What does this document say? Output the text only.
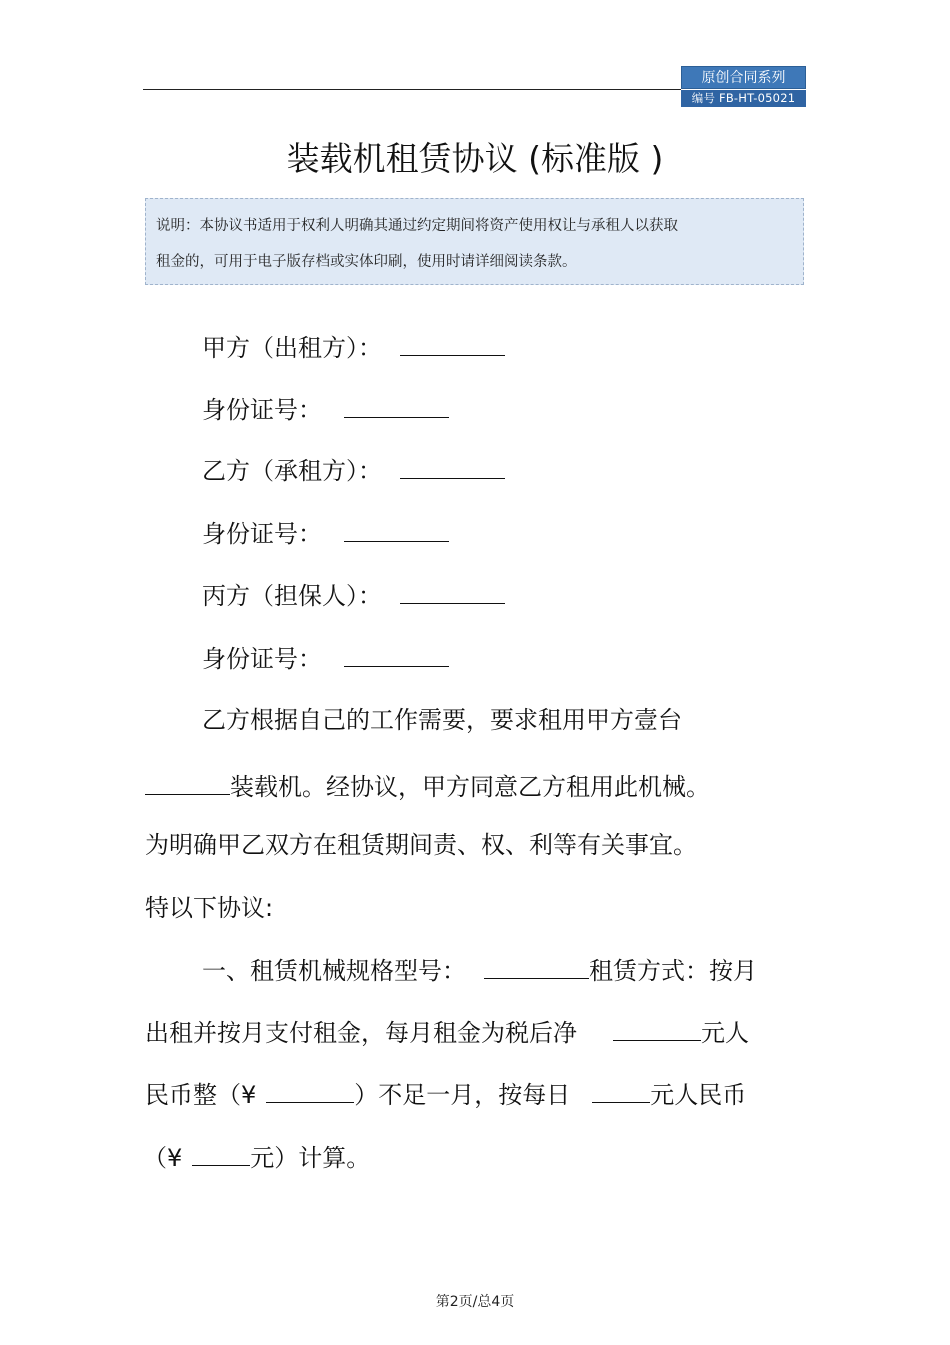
原创合同系列
编号 FB-HT-05021
装载机租赁协议 (标准版 )
说明：本协议书适用于权利人明确其通过约定期间将资产使用权让与承租人以获取
租金的，可用于电子版存档或实体印刷，使用时请详细阅读条款。
甲方（出租方）：
身份证号：
乙方（承租方）：
身份证号：
丙方（担保人）：
身份证号：
乙方根据自己的工作需要，要求租用甲方壹台
装载机。经协议，甲方同意乙方租用此机械。
为明确甲乙双方在租赁期间责、权、利等有关事宜。
特以下协议:
一、租赁机械规格型号：	租赁方式：按月
出租并按月支付租金，每月租金为税后净	元人
民币整（¥	）不足一月，按每日	元人民币
（¥	元）计算。
第2页/总4页
